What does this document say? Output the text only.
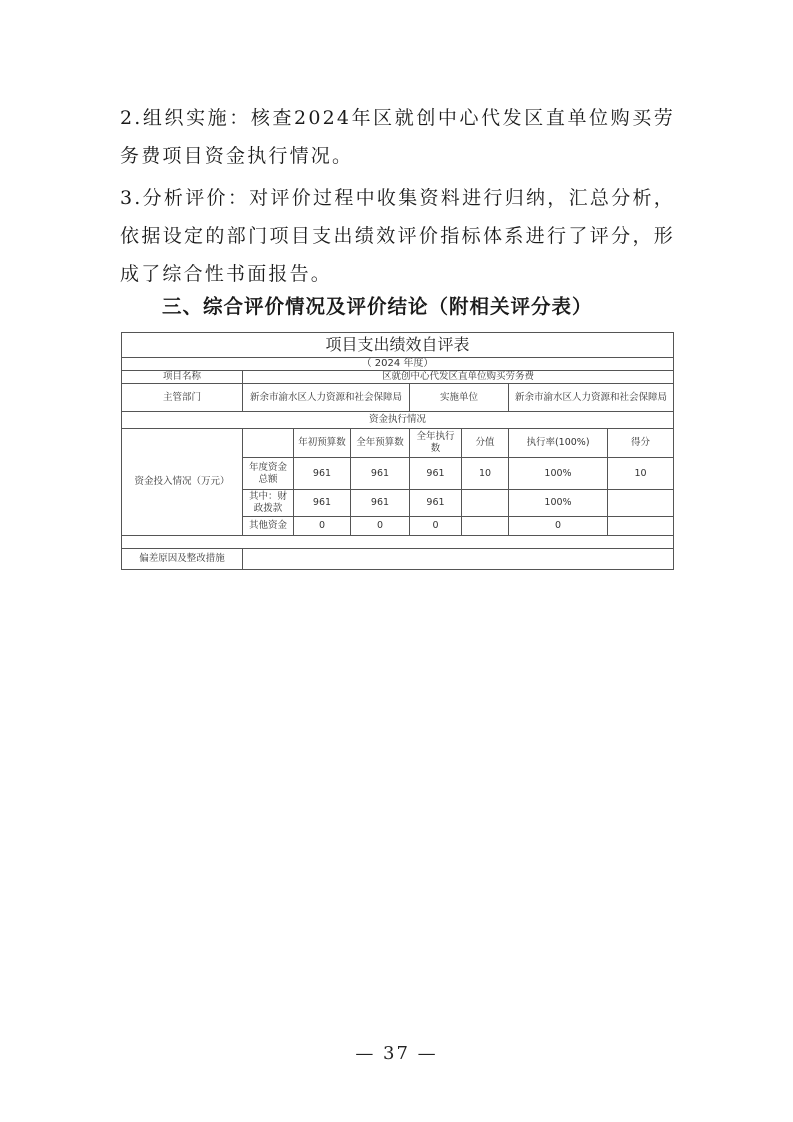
2.组织实施：核查2024年区就创中心代发区直单位购买劳务费项目资金执行情况。
3.分析评价：对评价过程中收集资料进行归纳，汇总分析，依据设定的部门项目支出绩效评价指标体系进行了评分，形成了综合性书面报告。
三、综合评价情况及评价结论（附相关评分表）
项目支出绩效自评表							
（ 2024 年度）							
项目名称	区就创中心代发区直单位购买劳务费						
主管部门	新余市渝水区人力资源和社会保障局			实施单位		新余市渝水区人力资源和社会保障局	
资金执行情况							
资金投入情况（万元）		年初预算数	全年预算数	全年执行数	分值	执行率(100%)	得分
	年度资金总额	961	961	961	10	100%	10
	其中：财政拨款	961	961	961		100%	
	其他资金	0	0	0		0	

偏差原因及整改措施							
— 37 —
